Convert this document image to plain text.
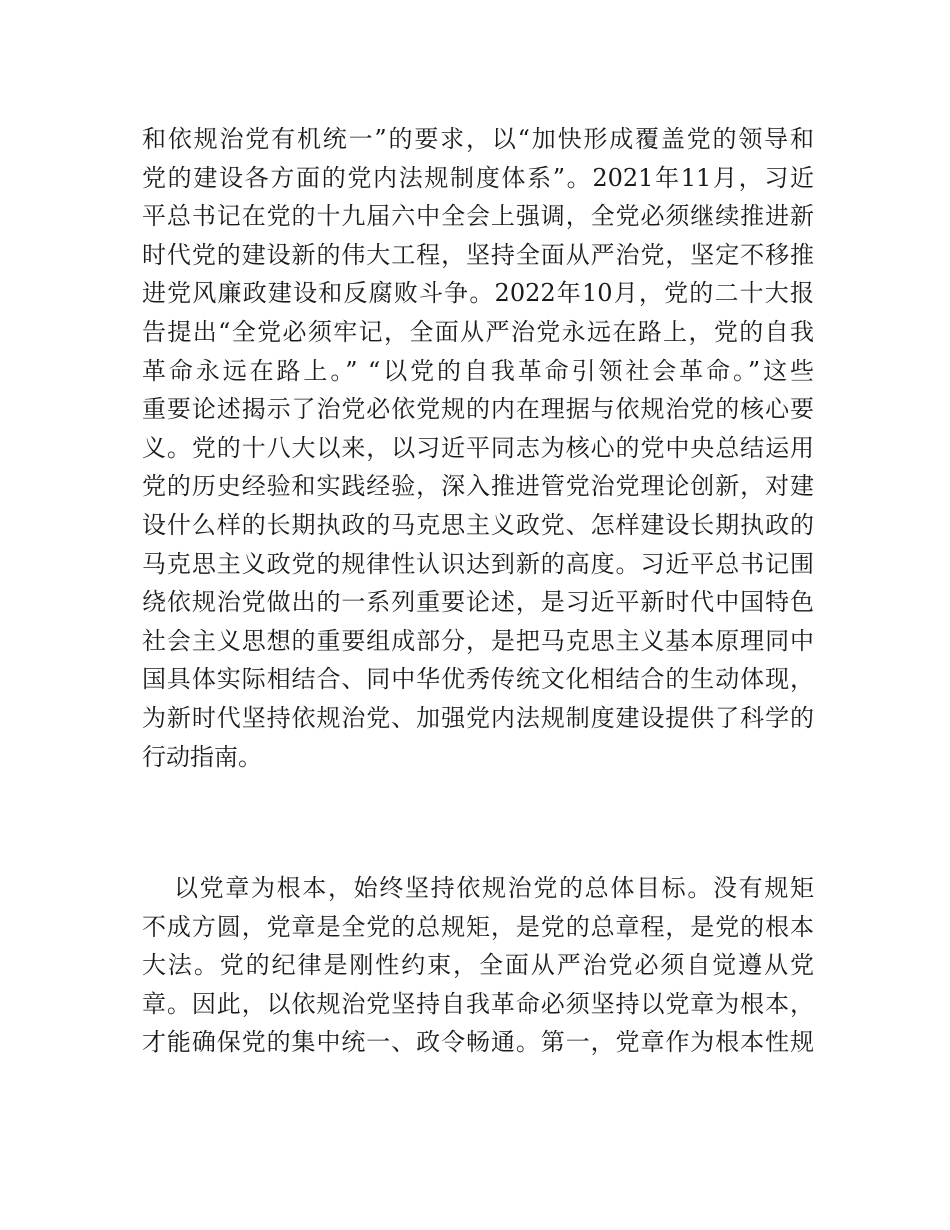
和依规治党有机统一”的要求，以“加快形成覆盖党的领导和
党的建设各方面的党内法规制度体系”。2021年11月，习近
平总书记在党的十九届六中全会上强调，全党必须继续推进新
时代党的建设新的伟大工程，坚持全面从严治党，坚定不移推
进党风廉政建设和反腐败斗争。2022年10月，党的二十大报
告提出“全党必须牢记，全面从严治党永远在路上，党的自我
革命永远在路上。” “以党的自我革命引领社会革命。”这些
重要论述揭示了治党必依党规的内在理据与依规治党的核心要
义。党的十八大以来，以习近平同志为核心的党中央总结运用
党的历史经验和实践经验，深入推进管党治党理论创新，对建
设什么样的长期执政的马克思主义政党、怎样建设长期执政的
马克思主义政党的规律性认识达到新的高度。习近平总书记围
绕依规治党做出的一系列重要论述，是习近平新时代中国特色
社会主义思想的重要组成部分，是把马克思主义基本原理同中
国具体实际相结合、同中华优秀传统文化相结合的生动体现，
为新时代坚持依规治党、加强党内法规制度建设提供了科学的
行动指南。
以党章为根本，始终坚持依规治党的总体目标。没有规矩
不成方圆，党章是全党的总规矩，是党的总章程，是党的根本
大法。党的纪律是刚性约束，全面从严治党必须自觉遵从党
章。因此，以依规治党坚持自我革命必须坚持以党章为根本，
才能确保党的集中统一、政令畅通。第一，党章作为根本性规
